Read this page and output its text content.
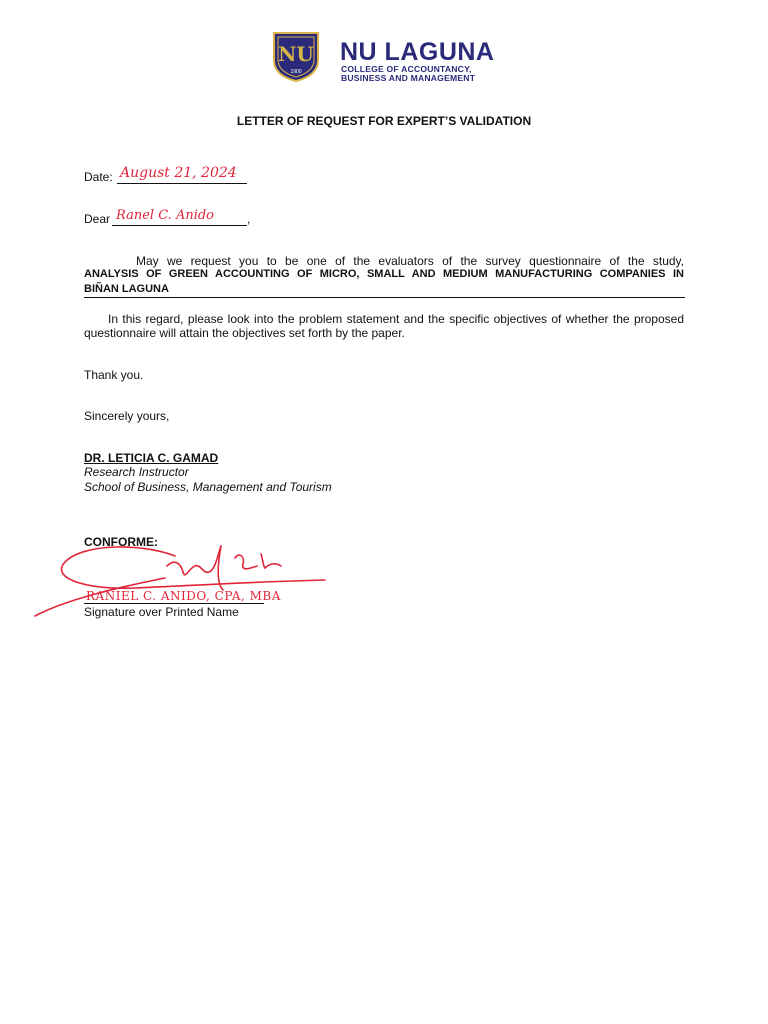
NU
1900
NU LAGUNA
COLLEGE OF ACCOUNTANCY,
BUSINESS AND MANAGEMENT
LETTER OF REQUEST FOR EXPERT’S VALIDATION
Date: August 21, 2024
Dear Ranel C. Anido	,
May we request you to be one of the evaluators of the survey questionnaire of the study,
ANALYSIS OF GREEN ACCOUNTING OF MICRO, SMALL AND MEDIUM MANUFACTURING COMPANIES IN
BIÑAN LAGUNA
In this regard, please look into the problem statement and the specific objectives of whether the proposed
questionnaire will attain the objectives set forth by the paper.
Thank you.
Sincerely yours,
DR. LETICIA C. GAMAD
Research Instructor
School of Business, Management and Tourism
CONFORME:
RANIEL C. ANIDO, CPA, MBA
Signature over Printed Name
